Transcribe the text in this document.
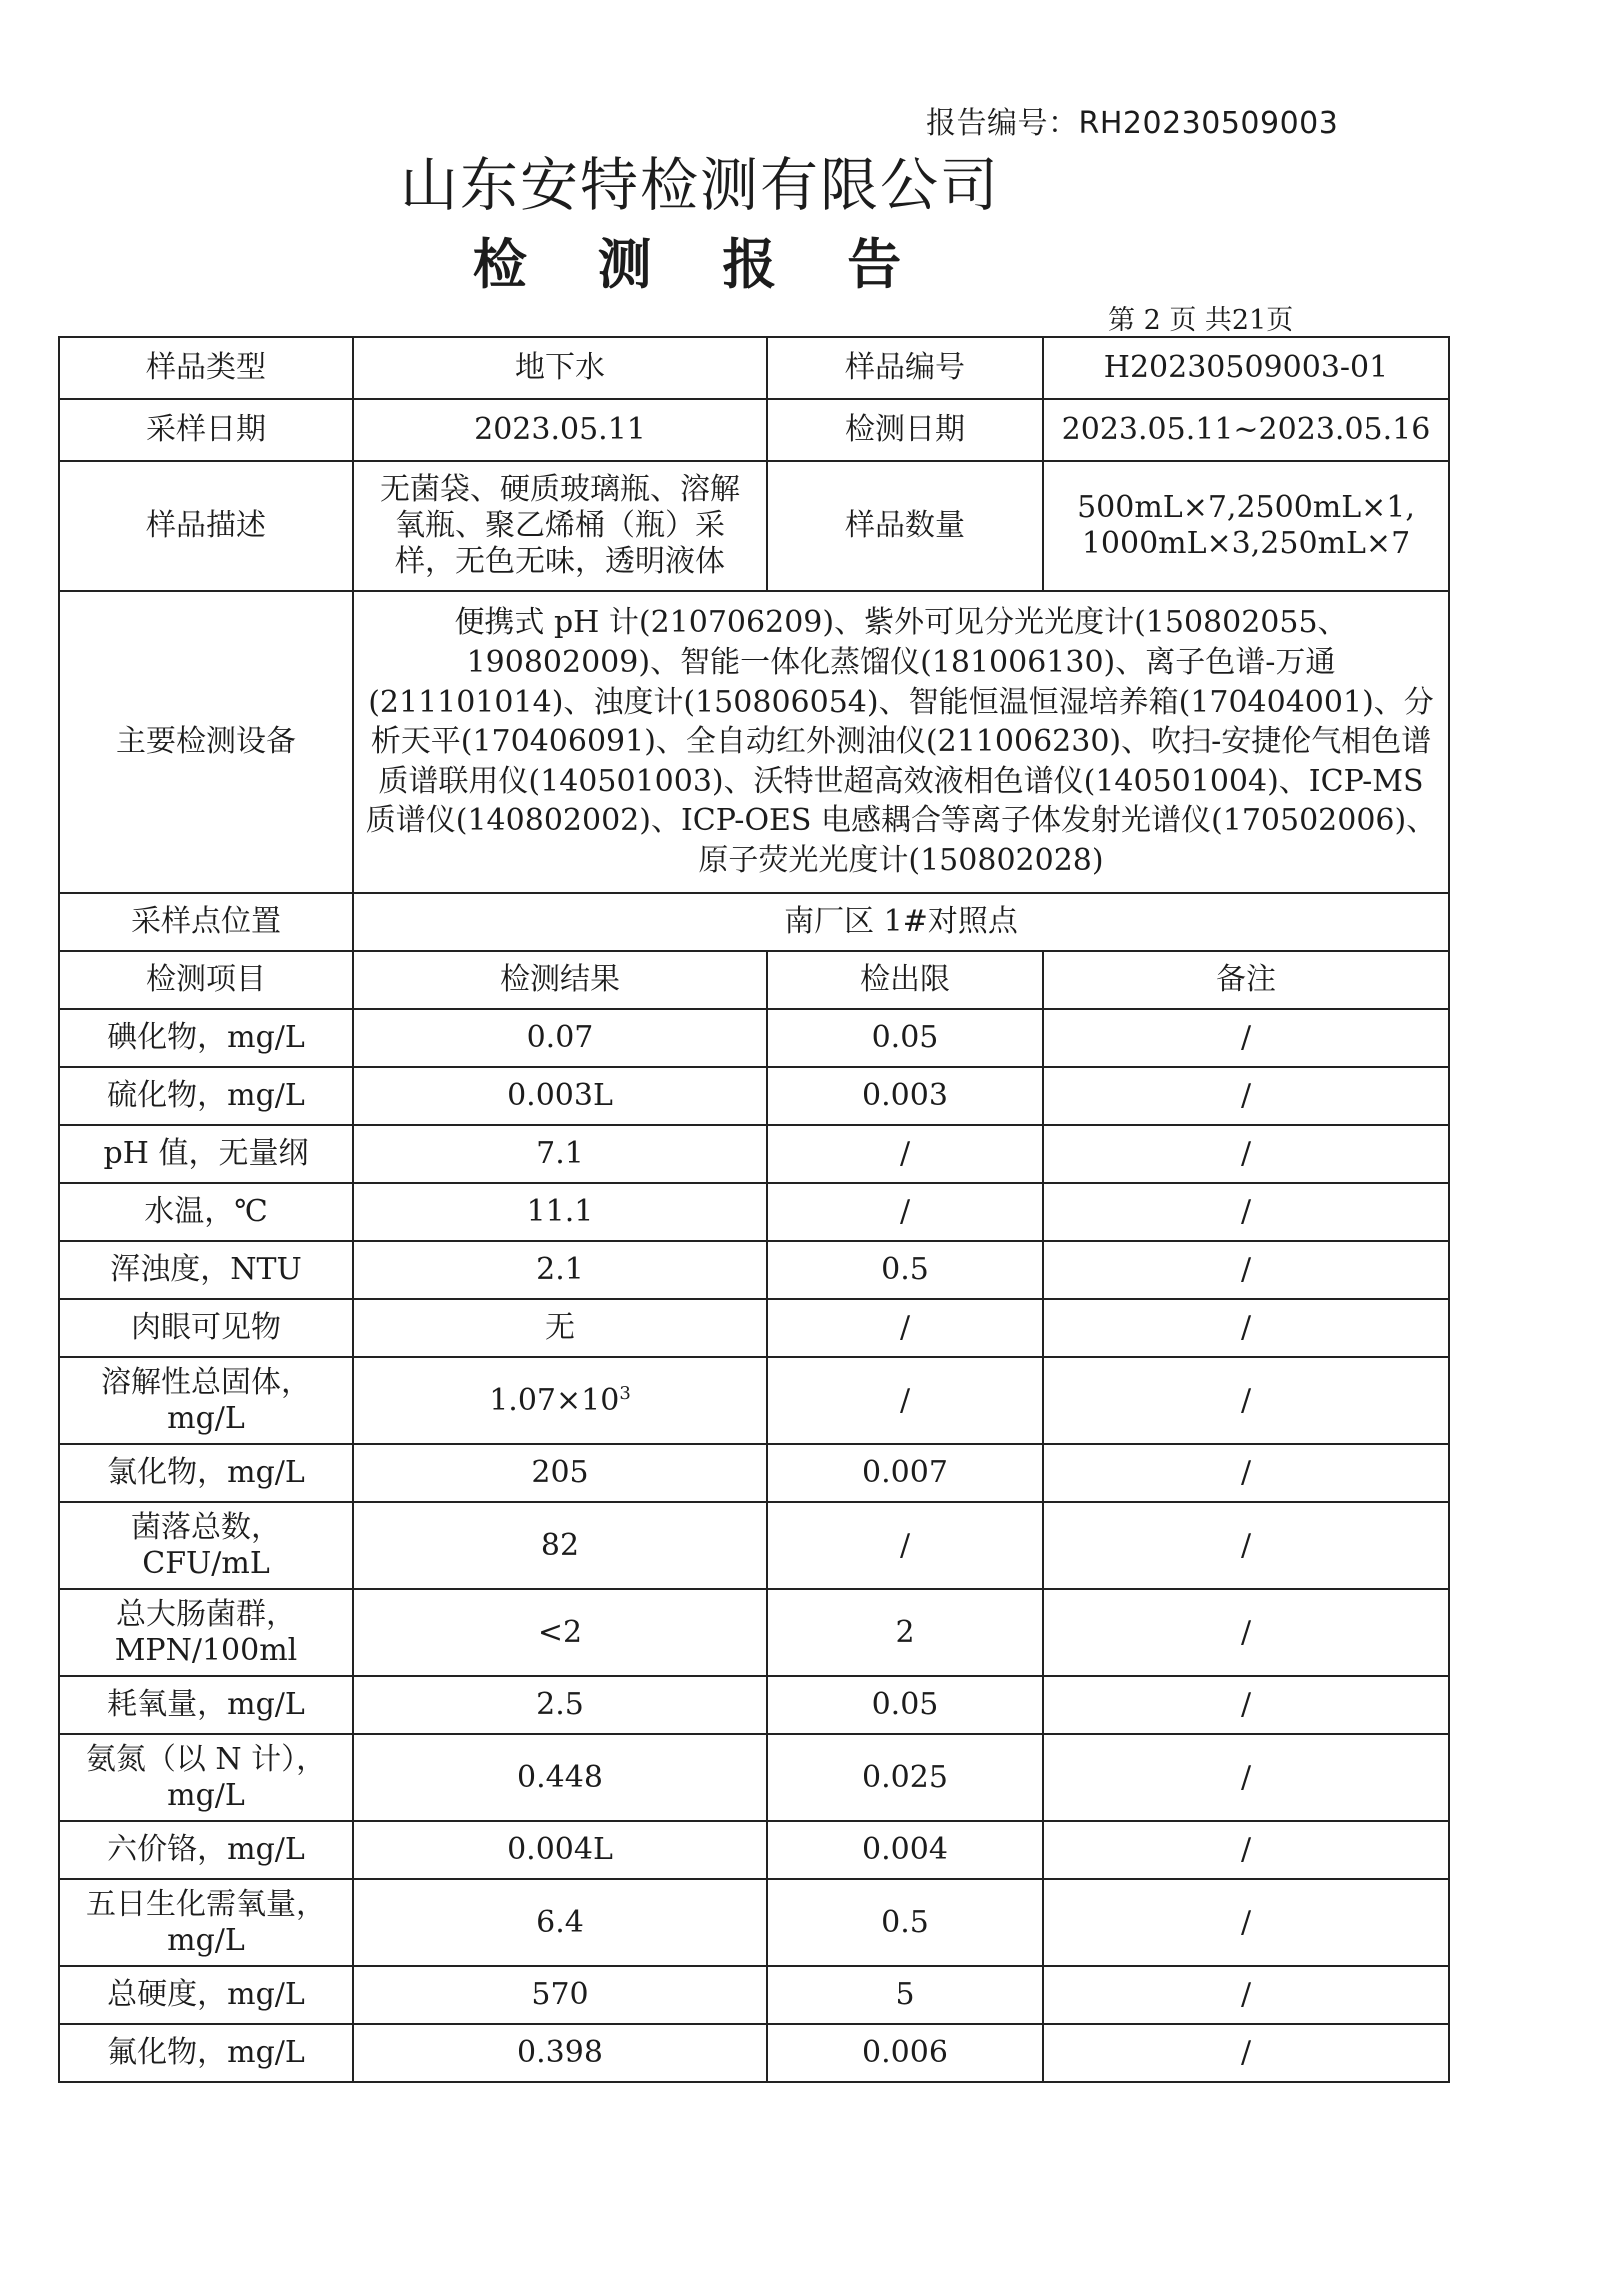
报告编号：RH20230509003
山东安特检测有限公司
检 测 报 告
第 2 页 共21页
样品类型	地下水	样品编号	H20230509003-01
采样日期	2023.05.11	检测日期	2023.05.11~2023.05.16
样品描述	无菌袋、硬质玻璃瓶、溶解氧瓶、聚乙烯桶（瓶）采样，无色无味，透明液体	样品数量	500mL×7,2500mL×1,
1000mL×3,250mL×7

主要检测设备	便携式 pH 计(210706209)、紫外可见分光光度计(150802055、190802009)、智能一体化蒸馏仪(181006130)、离子色谱-万通(211101014)、浊度计(150806054)、智能恒温恒湿培养箱(170404001)、分析天平(170406091)、全自动红外测油仪(211006230)、吹扫-安捷伦气相色谱质谱联用仪(140501003)、沃特世超高效液相色谱仪(140501004)、ICP-MS 质谱仪(140802002)、ICP-OES 电感耦合等离子体发射光谱仪(170502006)、原子荧光光度计(150802028)		
采样点位置	南厂区 1#对照点		
检测项目	检测结果	检出限	备注
碘化物，mg/L	0.07	0.05	/
硫化物，mg/L	0.003L	0.003	/
pH 值，无量纲	7.1	/	/
水温，℃	11.1	/	/
浑浊度，NTU	2.1	0.5	/
肉眼可见物	无	/	/

溶解性总固体，
mg/L	$1.07\times 10^3$	/	/
氯化物，mg/L	205	0.007	/

菌落总数，
CFU/mL	82	/	/

总大肠菌群，
MPN/100ml	<2	2	/
耗氧量，mg/L	2.5	0.05	/

氨氮（以 N 计），
mg/L	0.448	0.025	/
六价铬，mg/L	0.004L	0.004	/

五日生化需氧量，
mg/L	6.4	0.5	/
总硬度，mg/L	570	5	/
氟化物，mg/L	0.398	0.006	/
